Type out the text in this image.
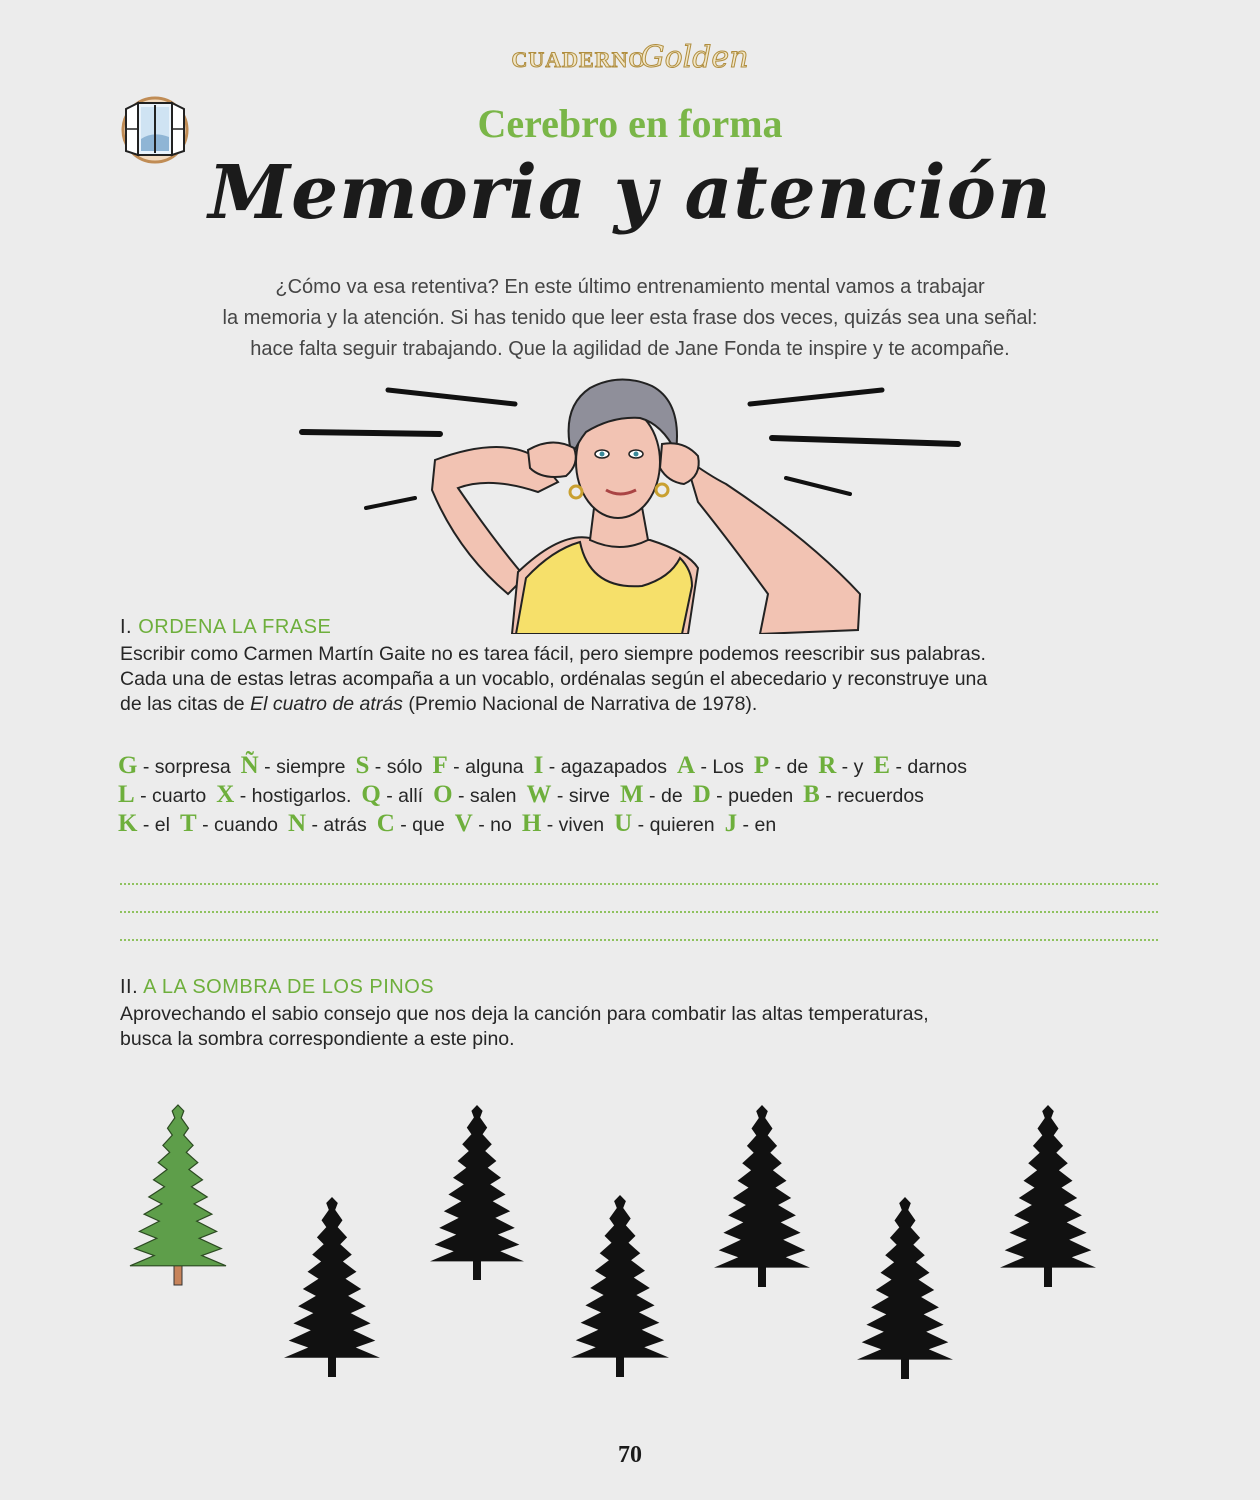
CUADERNOGolden
Cerebro en forma
Memoria y atención
¿Cómo va esa retentiva? En este último entrenamiento mental vamos a trabajar
la memoria y la atención. Si has tenido que leer esta frase dos veces, quizás sea una señal:
hace falta seguir trabajando. Que la agilidad de Jane Fonda te inspire y te acompañe.
I. ORDENA LA FRASE
Escribir como Carmen Martín Gaite no es tarea fácil, pero siempre podemos reescribir sus palabras.
Cada una de estas letras acompaña a un vocablo, ordénalas según el abecedario y reconstruye una
de las citas de El cuatro de atrás (Premio Nacional de Narrativa de 1978).
G - sorpresa Ñ - siempre S - sólo F - alguna I - agazapados A - Los P - de R - y E - darnos
L - cuarto X - hostigarlos. Q - allí O - salen W - sirve M - de D - pueden B - recuerdos
K - el T - cuando N - atrás C - que V - no H - viven U - quieren J - en
II. A LA SOMBRA DE LOS PINOS
Aprovechando el sabio consejo que nos deja la canción para combatir las altas temperaturas,
busca la sombra correspondiente a este pino.
70
